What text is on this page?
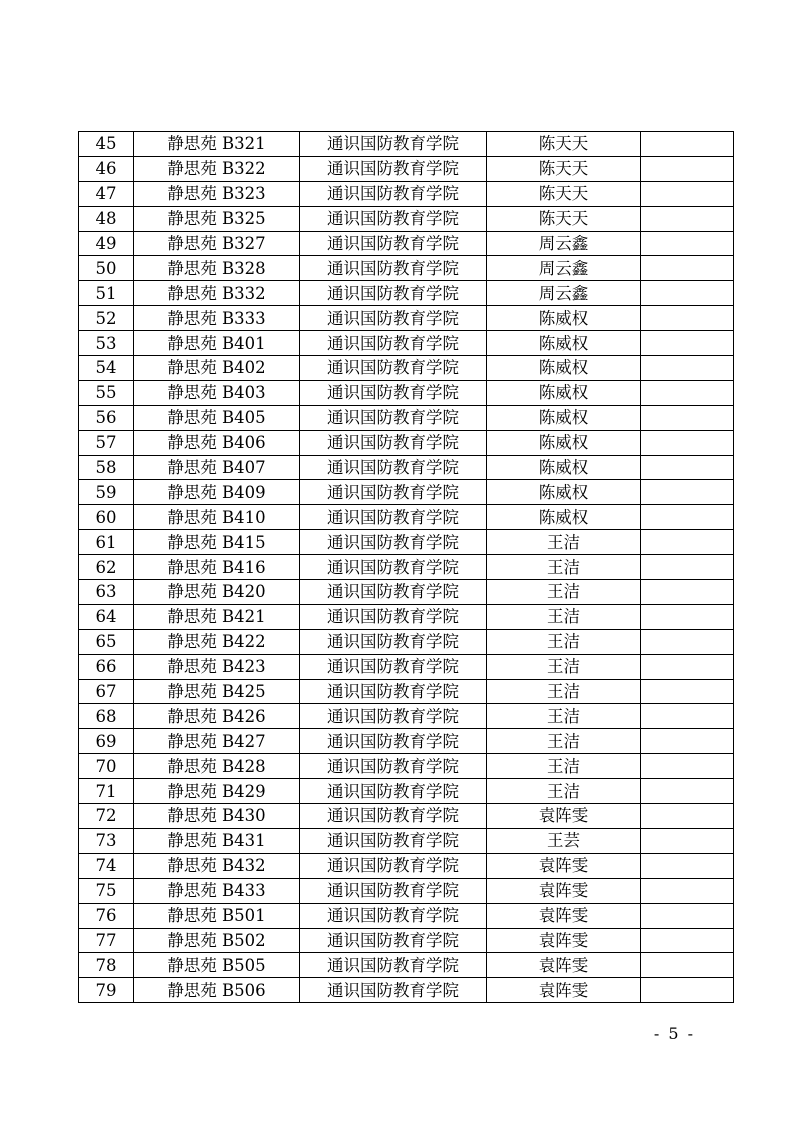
45	静思苑 B321	通识国防教育学院	陈天天	
46	静思苑 B322	通识国防教育学院	陈天天	
47	静思苑 B323	通识国防教育学院	陈天天	
48	静思苑 B325	通识国防教育学院	陈天天	
49	静思苑 B327	通识国防教育学院	周云鑫	
50	静思苑 B328	通识国防教育学院	周云鑫	
51	静思苑 B332	通识国防教育学院	周云鑫	
52	静思苑 B333	通识国防教育学院	陈威权	
53	静思苑 B401	通识国防教育学院	陈威权	
54	静思苑 B402	通识国防教育学院	陈威权	
55	静思苑 B403	通识国防教育学院	陈威权	
56	静思苑 B405	通识国防教育学院	陈威权	
57	静思苑 B406	通识国防教育学院	陈威权	
58	静思苑 B407	通识国防教育学院	陈威权	
59	静思苑 B409	通识国防教育学院	陈威权	
60	静思苑 B410	通识国防教育学院	陈威权	
61	静思苑 B415	通识国防教育学院	王洁	
62	静思苑 B416	通识国防教育学院	王洁	
63	静思苑 B420	通识国防教育学院	王洁	
64	静思苑 B421	通识国防教育学院	王洁	
65	静思苑 B422	通识国防教育学院	王洁	
66	静思苑 B423	通识国防教育学院	王洁	
67	静思苑 B425	通识国防教育学院	王洁	
68	静思苑 B426	通识国防教育学院	王洁	
69	静思苑 B427	通识国防教育学院	王洁	
70	静思苑 B428	通识国防教育学院	王洁	
71	静思苑 B429	通识国防教育学院	王洁	
72	静思苑 B430	通识国防教育学院	袁阵雯	
73	静思苑 B431	通识国防教育学院	王芸	
74	静思苑 B432	通识国防教育学院	袁阵雯	
75	静思苑 B433	通识国防教育学院	袁阵雯	
76	静思苑 B501	通识国防教育学院	袁阵雯	
77	静思苑 B502	通识国防教育学院	袁阵雯	
78	静思苑 B505	通识国防教育学院	袁阵雯	
79	静思苑 B506	通识国防教育学院	袁阵雯	
- 5 -
